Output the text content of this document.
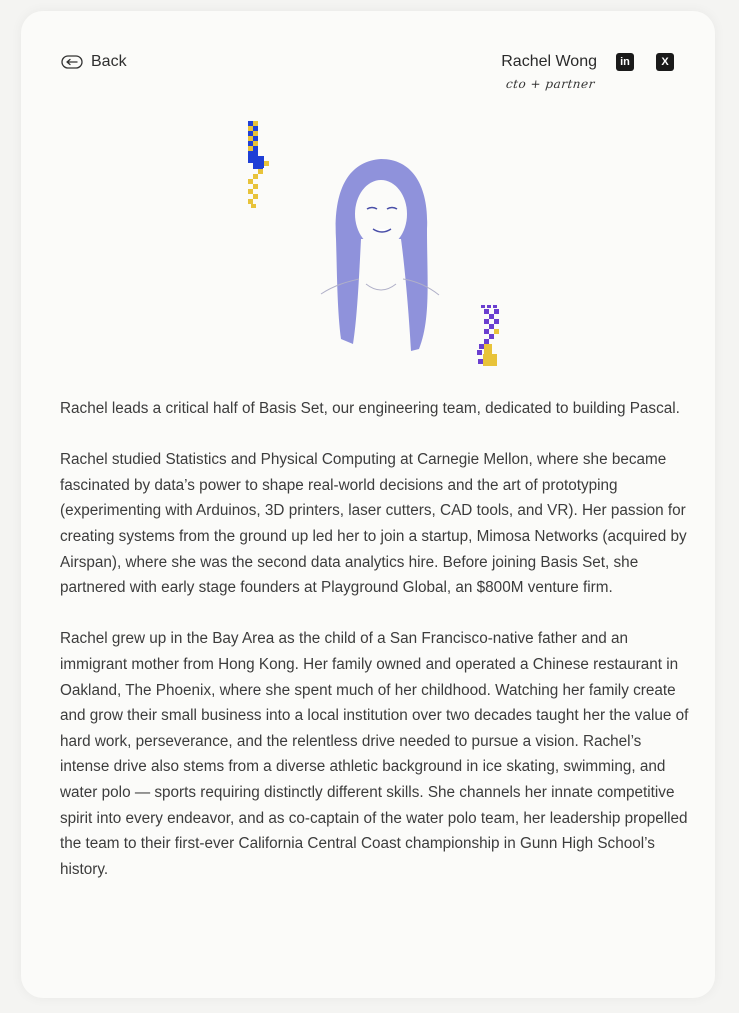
Back	Rachel Wong
cto + partner
in	X

Rachel leads a critical half of Basis Set, our engineering team, dedicated to building Pascal.

Rachel studied Statistics and Physical Computing at Carnegie Mellon, where she became fascinated by data’s power to shape real-world decisions and the art of prototyping (experimenting with Arduinos, 3D printers, laser cutters, CAD tools, and VR). Her passion for creating systems from the ground up led her to join a startup, Mimosa Networks (acquired by Airspan), where she was the second data analytics hire. Before joining Basis Set, she partnered with early stage founders at Playground Global, an $800M venture firm.

Rachel grew up in the Bay Area as the child of a San Francisco-native father and an immigrant mother from Hong Kong. Her family owned and operated a Chinese restaurant in Oakland, The Phoenix, where she spent much of her childhood. Watching her family create and grow their small business into a local institution over two decades taught her the value of hard work, perseverance, and the relentless drive needed to pursue a vision. Rachel’s intense drive also stems from a diverse athletic background in ice skating, swimming, and water polo — sports requiring distinctly different skills. She channels her innate competitive spirit into every endeavor, and as co-captain of the water polo team, her leadership propelled the team to their first-ever California Central Coast championship in Gunn High School’s history.
